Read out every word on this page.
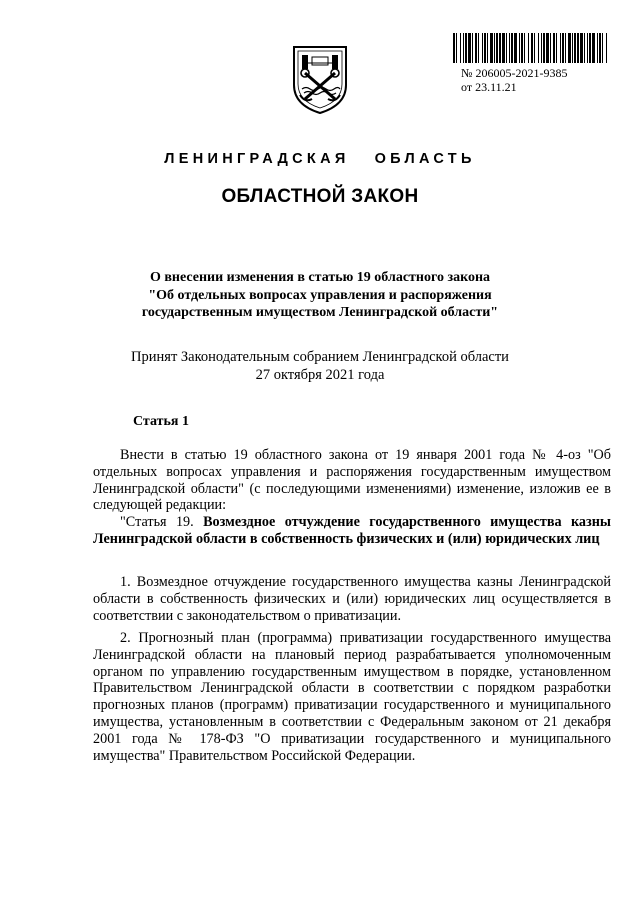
№ 206005-2021-9385
от 23.11.21
ЛЕНИНГРАДСКАЯ   ОБЛАСТЬ
ОБЛАСТНОЙ ЗАКОН
О внесении изменения в статью 19 областного закона
"Об отдельных вопросах управления и распоряжения
государственным имуществом Ленинградской области"
Принят Законодательным собранием Ленинградской области
27 октября 2021 года
Статья 1

Внести в статью 19 областного закона от 19 января 2001 года № 4-оз "Об отдельных вопросах управления и распоряжения государственным имуществом Ленинградской области" (с последующими изменениями) изменение, изложив ее в следующей редакции:

"Статья 19. Возмездное отчуждение государственного имущества казны Ленинградской области в собственность физических и (или) юридических лиц

1. Возмездное отчуждение государственного имущества казны Ленинградской области в собственность физических и (или) юридических лиц осуществляется в соответствии с законодательством о приватизации.

2. Прогнозный план (программа) приватизации государственного имущества Ленинградской области на плановый период разрабатывается уполномоченным органом по управлению государственным имуществом в порядке, установленном Правительством Ленинградской области в соответствии с порядком разработки прогнозных планов (программ) приватизации государственного и муниципального имущества, установленным в соответствии с Федеральным законом от 21 декабря 2001 года № 178-ФЗ "О приватизации государственного и муниципального имущества" Правительством Российской Федерации.
